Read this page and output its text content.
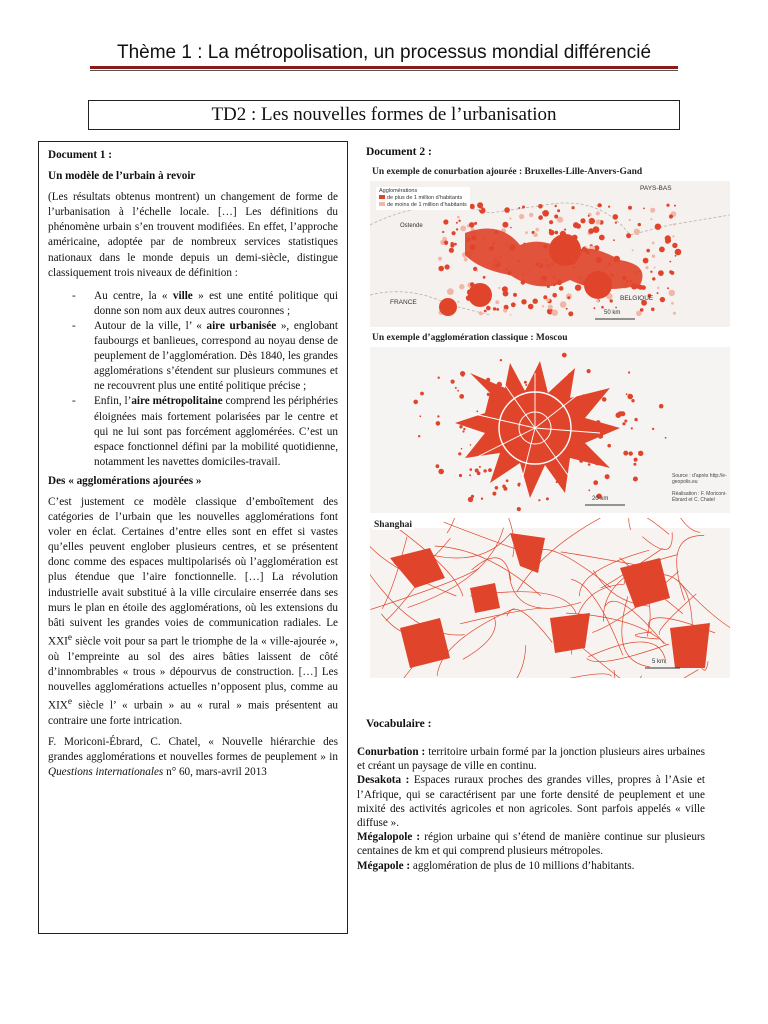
Thème 1 : La métropolisation, un processus mondial différencié
TD2 : Les nouvelles formes de l’urbanisation

Document 1 :

Un modèle de l’urbain à revoir

(Les résultats obtenus montrent) un changement de forme de l’urbanisation à l’échelle locale. […] Les définitions du phénomène urbain s’en trouvent modifiées. En effet, l’approche américaine, adoptée par de nombreux services statistiques nationaux dans le monde depuis un demi-siècle, distingue classiquement trois niveaux de définition :

- Au centre, la « ville » est une entité politique qui donne son nom aux deux autres couronnes ;
- Autour de la ville, l’ « aire urbanisée », englobant faubourgs et banlieues, correspond au noyau dense de peuplement de l’agglomération. Dès 1840, les grandes agglomérations s’étendent sur plusieurs communes et ne recouvrent plus une entité politique précise ;
- Enfin, l’aire métropolitaine comprend les périphéries éloignées mais fortement polarisées par le centre et qui ne lui sont pas forcément agglomérées. C’est un espace fonctionnel défini par la mobilité quotidienne, notamment les navettes domiciles-travail.

Des « agglomérations ajourées »

C’est justement ce modèle classique d’emboîtement des catégories de l’urbain que les nouvelles agglomérations font voler en éclat. Certaines d’entre elles sont en effet si vastes qu’elles peuvent englober plusieurs centres, et se présentent donc comme des espaces multipolarisés où l’agglomération est plus étendue que l’aire fonctionnelle. […] La révolution industrielle avait substitué à la ville circulaire enserrée dans ses murs le plan en étoile des agglomérations, où les extensions du bâti suivent les grandes voies de communication radiales. Le XXIe siècle voit pour sa part le triomphe de la « ville-ajourée », où l’empreinte au sol des aires bâties laissent de côté d’innombrables « trous » dépourvus de construction. […] Les nouvelles agglomérations actuelles n’opposent plus, comme au XIXe siècle l’ « urbain » au « rural » mais présentent au contraire une forte intrication.

F. Moriconi-Ébrard, C. Chatel, « Nouvelle hiérarchie des grandes agglomérations et nouvelles formes de peuplement » in Questions internationales n° 60, mars-avril 2013

Document 2 :
Un exemple de conurbation ajourée : Bruxelles-Lille-Anvers-Gand
Agglomérations
de plus de 1 million d’habitants
de moins de 1 million d’habitants
Ostende
PAYS-BAS
FRANCE
BELGIQUE
50 km
Un exemple d’agglomération classique : Moscou
20 km
Source : d’après http://e-geopolis.eu
Réalisation : F. Moriconi-Ébrard et C. Chatel
Shanghai
5 km
Vocabulaire :

Conurbation : territoire urbain formé par la jonction plusieurs aires urbaines et créant un paysage de ville en continu.

Desakota : Espaces ruraux proches des grandes villes, propres à l’Asie et l’Afrique, qui se caractérisent par une forte densité de peuplement et une mixité des activités agricoles et non agricoles. Sont parfois appelés « ville diffuse ».

Mégalopole : région urbaine qui s’étend de manière continue sur plusieurs centaines de km et qui comprend plusieurs métropoles.

Mégapole : agglomération de plus de 10 millions d’habitants.
